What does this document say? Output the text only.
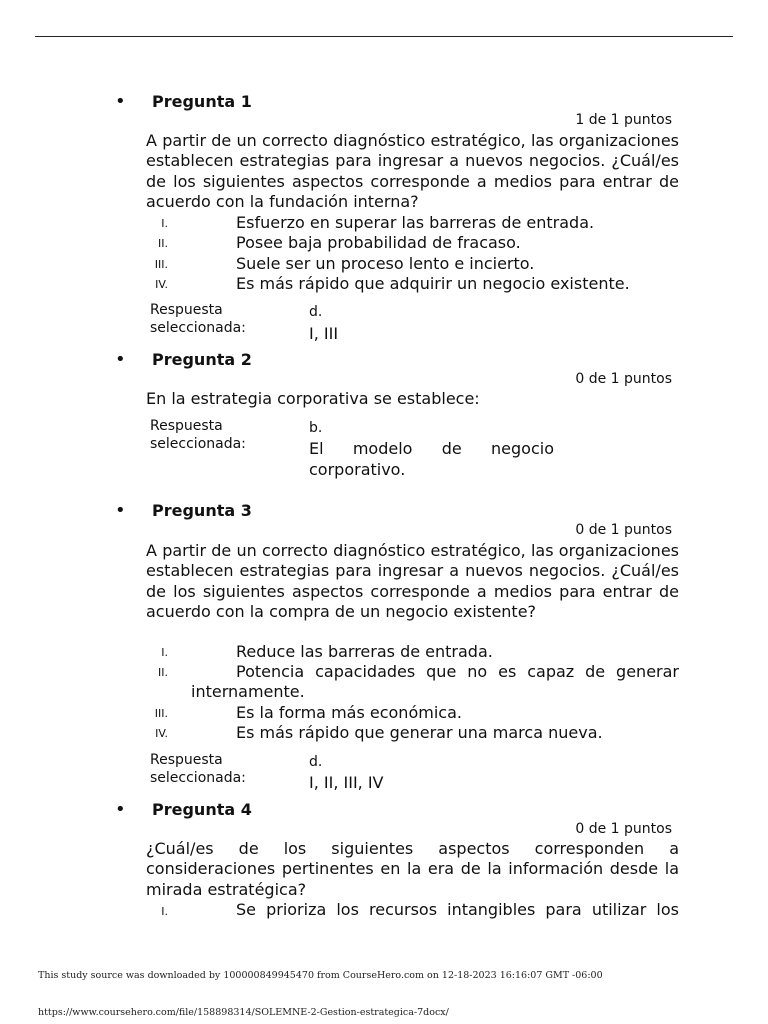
• Pregunta 1
1 de 1 puntos
A partir de un correcto diagnóstico estratégico, las organizaciones establecen estrategias para ingresar a nuevos negocios. ¿Cuál/es de los siguientes aspectos corresponde a medios para entrar de acuerdo con la fundación interna?
I.	Esfuerzo en superar las barreras de entrada.
II.	Posee baja probabilidad de fracaso.
III.	Suele ser un proceso lento e incierto.
IV.	Es más rápido que adquirir un negocio existente.
Respuesta seleccionada:
d.
I, III
• Pregunta 2
0 de 1 puntos
En la estrategia corporativa se establece:
Respuesta seleccionada:
b.
El modelo de negocio corporativo.
• Pregunta 3
0 de 1 puntos
A partir de un correcto diagnóstico estratégico, las organizaciones establecen estrategias para ingresar a nuevos negocios. ¿Cuál/es de los siguientes aspectos corresponde a medios para entrar de acuerdo con la compra de un negocio existente?
I.	Reduce las barreras de entrada.
II.	Potencia capacidades que no es capaz de generar internamente.
III.	Es la forma más económica.
IV.	Es más rápido que generar una marca nueva.
Respuesta seleccionada:
d.
I, II, III, IV
• Pregunta 4
0 de 1 puntos
¿Cuál/es de los siguientes aspectos corresponden a consideraciones pertinentes en la era de la información desde la mirada estratégica?
I.	Se prioriza los recursos intangibles para utilizar los
This study source was downloaded by 100000849945470 from CourseHero.com on 12-18-2023 16:16:07 GMT -06:00
https://www.coursehero.com/file/158898314/SOLEMNE-2-Gestion-estrategica-7docx/
